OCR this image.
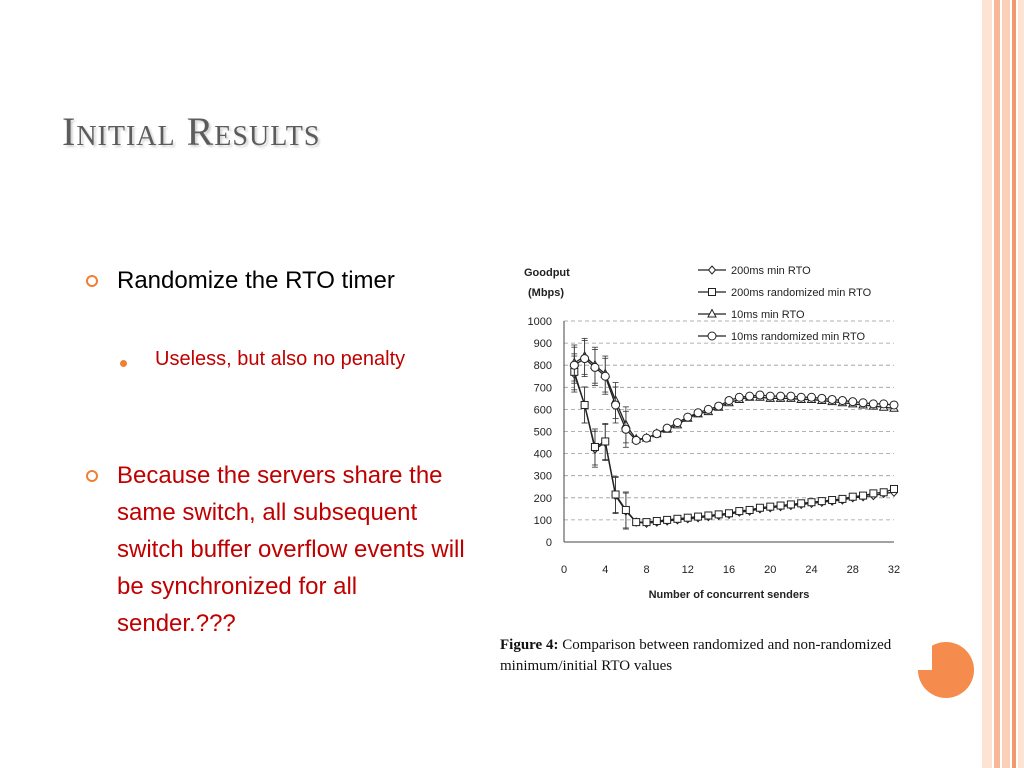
Initial Results
Randomize the RTO timer
Useless, but also no penalty
Because the servers share the same switch, all subsequent switch buffer overflow events will be synchronized for all sender.???
0
100
200
300
400
500
600
700
800
900
1000
0	4	8	12	16	20	24	28	32
Goodput
(Mbps)
Number of concurrent senders
200ms min RTO
200ms randomized min RTO
10ms min RTO
10ms randomized min RTO
Figure 4: Comparison between randomized and non-randomized minimum/initial RTO values
